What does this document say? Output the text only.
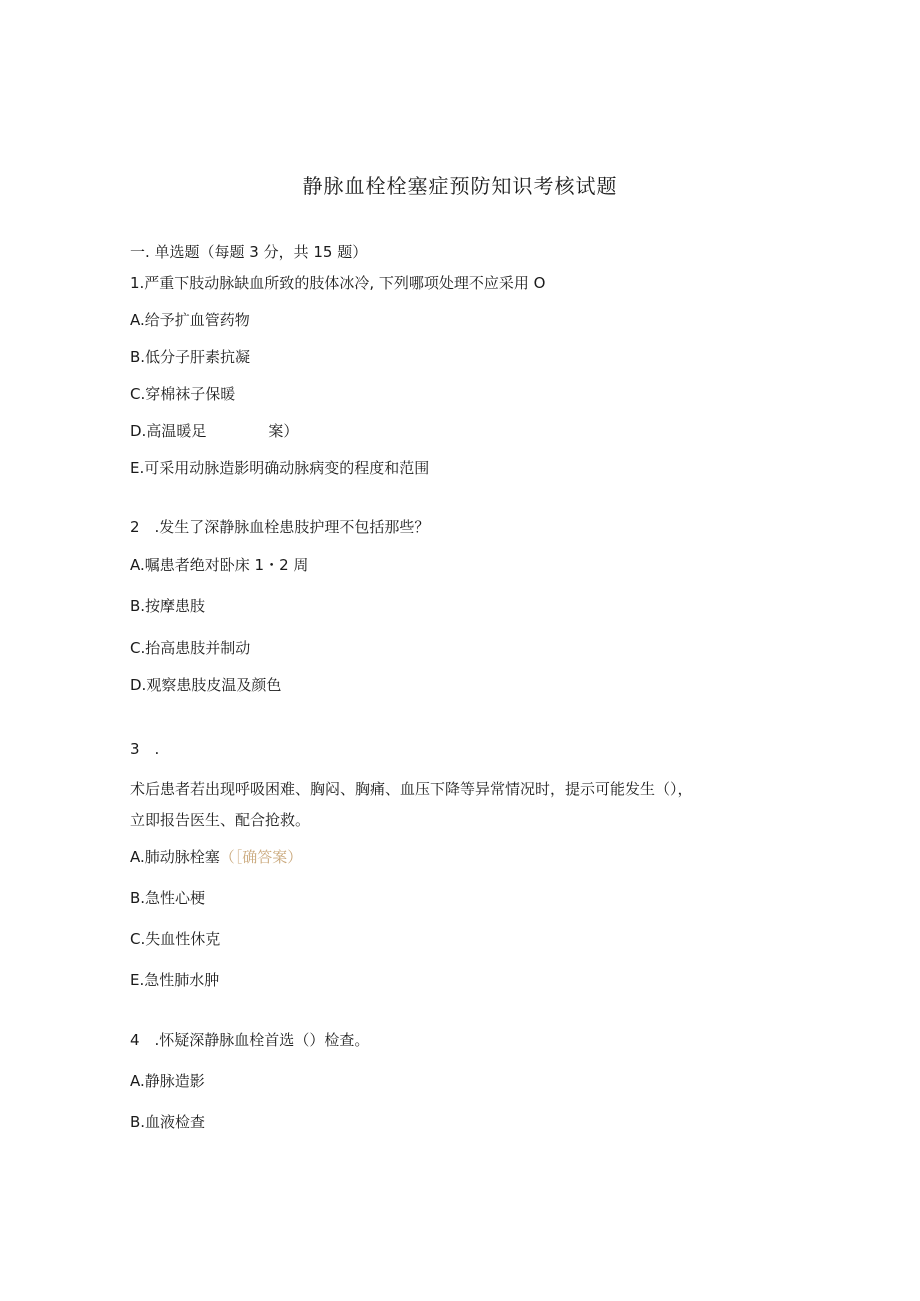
静脉血栓栓塞症预防知识考核试题
一. 单选题（每题 3 分，共 15 题）
1.严重下肢动脉缺血所致的肢体冰冷, 下列哪项处理不应采用 O
A.给予扩血管药物
B.低分子肝素抗凝
C.穿棉袜子保暖
D.高温暖足	案）
E.可采用动脉造影明确动脉病变的程度和范围
2　.发生了深静脉血栓患肢护理不包括那些？
A.嘱患者绝对卧床 1・2 周
B.按摩患肢
C.抬高患肢并制动
D.观察患肢皮温及颜色
3　.
术后患者若出现呼吸困难、胸闷、胸痛、血压下降等异常情况时，提示可能发生（），
立即报告医生、配合抢救。
A.肺动脉栓塞（［确答案）
B.急性心梗
C.失血性休克
E.急性肺水肿
4　.怀疑深静脉血栓首选（）检查。
A.静脉造影
B.血液检查
